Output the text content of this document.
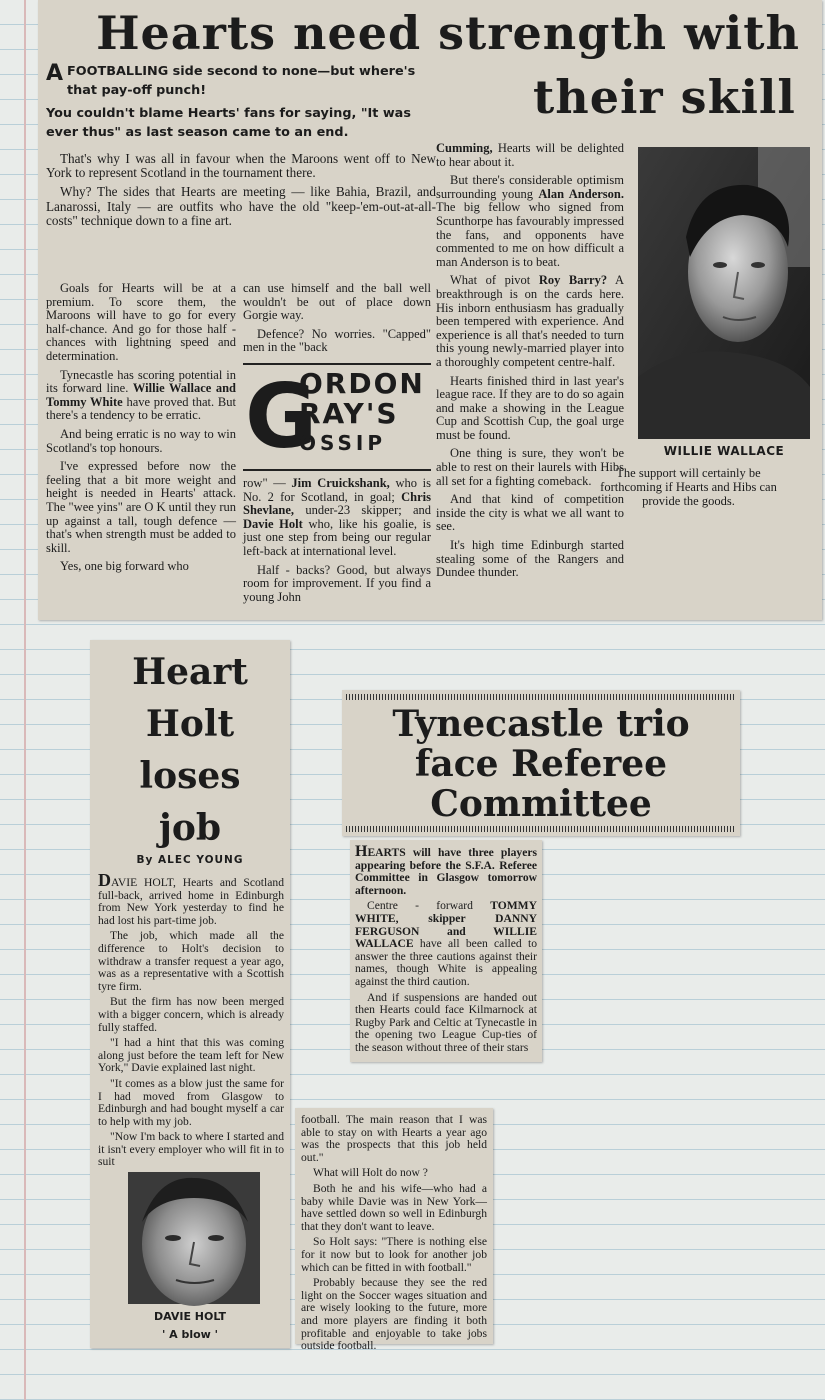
Hearts need strength with
their skill

AFOOTBALLING side second to none—but where's that pay-off punch!

You couldn't blame Hearts' fans for saying, "It was ever thus" as last season came to an end.

That's why I was all in favour when the Maroons went off to New York to represent Scotland in the tournament there.

Why? The sides that Hearts are meeting — like Bahia, Brazil, and Lanarossi, Italy — are outfits who have the old "keep-'em-out-at-all-costs" technique down to a fine art.

Goals for Hearts will be at a premium. To score them, the Maroons will have to go for every half-chance. And go for those half - chances with lightning speed and determination.

Tynecastle has scoring potential in its forward line. Willie Wallace and Tommy White have proved that. But there's a tendency to be erratic.

And being erratic is no way to win Scotland's top honours.

I've expressed before now the feeling that a bit more weight and height is needed in Hearts' attack. The "wee yins" are O K until they run up against a tall, tough defence — that's when strength must be added to skill.

Yes, one big forward who

can use himself and the ball well wouldn't be out of place down Gorgie way.

Defence? No worries. "Capped" men in the "back

G
ORDON
RAY'S
OSSIP

row" — Jim Cruickshank, who is No. 2 for Scotland, in goal; Chris Shevlane, under-23 skipper; and Davie Holt who, like his goalie, is just one step from being our regular left-back at international level.

Half - backs? Good, but always room for improvement. If you find a young John

Cumming, Hearts will be delighted to hear about it.

But there's considerable optimism surrounding young Alan Anderson. The big fellow who signed from Scunthorpe has favourably impressed the fans, and opponents have commented to me on how difficult a man Anderson is to beat.

What of pivot Roy Barry? A breakthrough is on the cards here. His inborn enthusiasm has gradually been tempered with experience. And experience is all that's needed to turn this young newly-married player into a thoroughly competent centre-half.

Hearts finished third in last year's league race. If they are to do so again and make a showing in the League Cup and Scottish Cup, the goal urge must be found.

One thing is sure, they won't be able to rest on their laurels with Hibs all set for a fighting comeback.

And that kind of competition inside the city is what we all want to see.

It's high time Edinburgh started stealing some of the Rangers and Dundee thunder.

WILLIE WALLACE
The support will certainly be forthcoming if Hearts and Hibs can provide the goods.
Heart
Holt
loses
job
By ALEC YOUNG

DAVIE HOLT, Hearts and Scotland full-back, arrived home in Edinburgh from New York yesterday to find he had lost his part-time job.

The job, which made all the difference to Holt's decision to withdraw a transfer request a year ago, was as a representative with a Scottish tyre firm.

But the firm has now been merged with a bigger concern, which is already fully staffed.

"I had a hint that this was coming along just before the team left for New York," Davie explained last night.

"It comes as a blow just the same for I had moved from Glasgow to Edinburgh and had bought myself a car to help with my job.

"Now I'm back to where I started and it isn't every employer who will fit in to suit

DAVIE HOLT
' A blow '

football. The main reason that I was able to stay on with Hearts a year ago was the prospects that this job held out."

What will Holt do now ?

Both he and his wife—who had a baby while Davie was in New York—have settled down so well in Edinburgh that they don't want to leave.

So Holt says: "There is nothing else for it now but to look for another job which can be fitted in with football."

Probably because they see the red light on the Soccer wages situation and are wisely looking to the future, more and more players are finding it both profitable and enjoyable to take jobs outside football.

Tynecastle trio
face Referee
Committee

HEARTS will have three players appearing before the S.F.A. Referee Committee in Glasgow tomorrow afternoon.

Centre - forward TOMMY WHITE, skipper DANNY FERGUSON and WILLIE WALLACE have all been called to answer the three cautions against their names, though White is appealing against the third caution.

And if suspensions are handed out then Hearts could face Kilmarnock at Rugby Park and Celtic at Tynecastle in the opening two League Cup-ties of the season without three of their stars
